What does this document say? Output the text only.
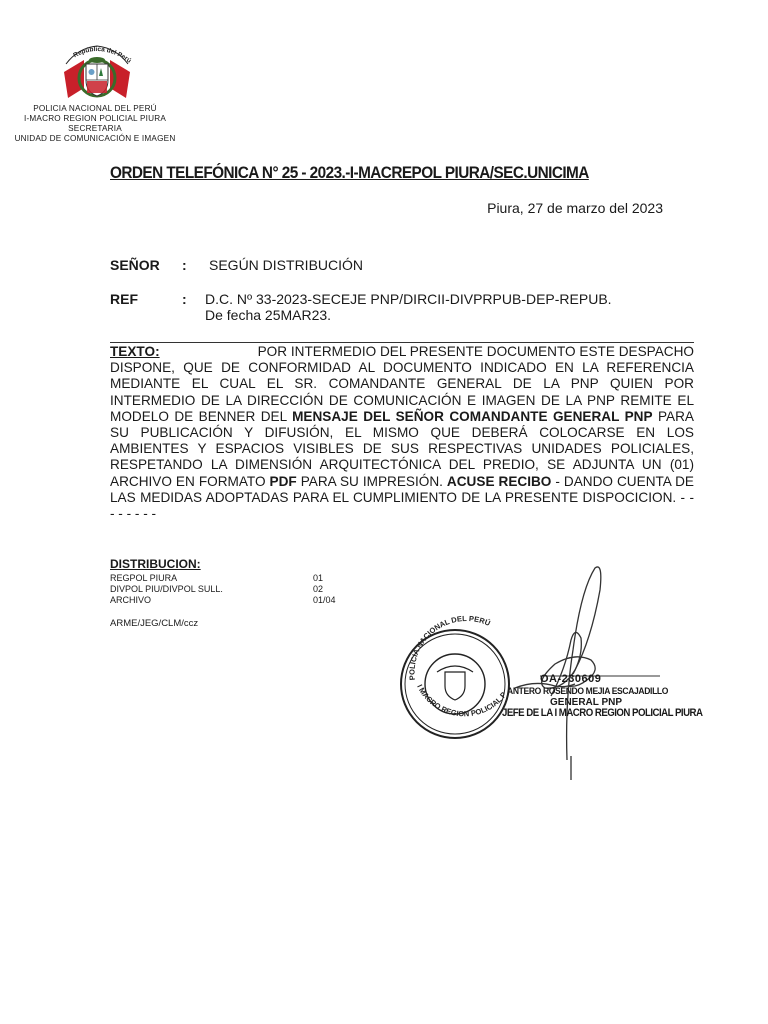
República del Perú
POLICIA NACIONAL DEL PERÚ
I-MACRO REGION POLICIAL PIURA
SECRETARIA
UNIDAD DE COMUNICACIÓN E IMAGEN
ORDEN TELEFÓNICA N° 25 - 2023.-I-MACREPOL PIURA/SEC.UNICIMA
Piura, 27 de marzo del 2023
SEÑOR : SEGÚN DISTRIBUCIÓN
REF	: D.C. Nº 33-2023-SECEJE PNP/DIRCII-DIVPRPUB-DEP-REPUB.
De fecha 25MAR23.
TEXTO:	POR INTERMEDIO DEL PRESENTE DOCUMENTO ESTE DESPACHO DISPONE, QUE DE CONFORMIDAD AL DOCUMENTO INDICADO EN LA REFERENCIA MEDIANTE EL CUAL EL SR. COMANDANTE GENERAL DE LA PNP QUIEN POR INTERMEDIO DE LA DIRECCIÓN DE COMUNICACIÓN E IMAGEN DE LA PNP REMITE EL MODELO DE BENNER DEL MENSAJE DEL SEÑOR COMANDANTE GENERAL PNP PARA SU PUBLICACIÓN Y DIFUSIÓN, EL MISMO QUE DEBERÁ COLOCARSE EN LOS AMBIENTES Y ESPACIOS VISIBLES DE SUS RESPECTIVAS UNIDADES POLICIALES, RESPETANDO LA DIMENSIÓN ARQUITECTÓNICA DEL PREDIO, SE ADJUNTA UN (01) ARCHIVO EN FORMATO PDF PARA SU IMPRESIÓN. ACUSE RECIBO - DANDO CUENTA DE LAS MEDIDAS ADOPTADAS PARA EL CUMPLIMIENTO DE LA PRESENTE DISPOCICION. - - - - - - - -
DISTRIBUCION:
REGPOL PIURA	01
DIVPOL PIU/DIVPOL SULL.	02
ARCHIVO	01/04
ARME/JEG/CLM/ccz
POLICIA NACIONAL DEL PERÚ
I MACRO REGION POLICIAL P
OA-230609
ANTERO ROSENDO MEJIA ESCAJADILLO
GENERAL PNP
JEFE DE LA I MACRO REGION POLICIAL PIURA
